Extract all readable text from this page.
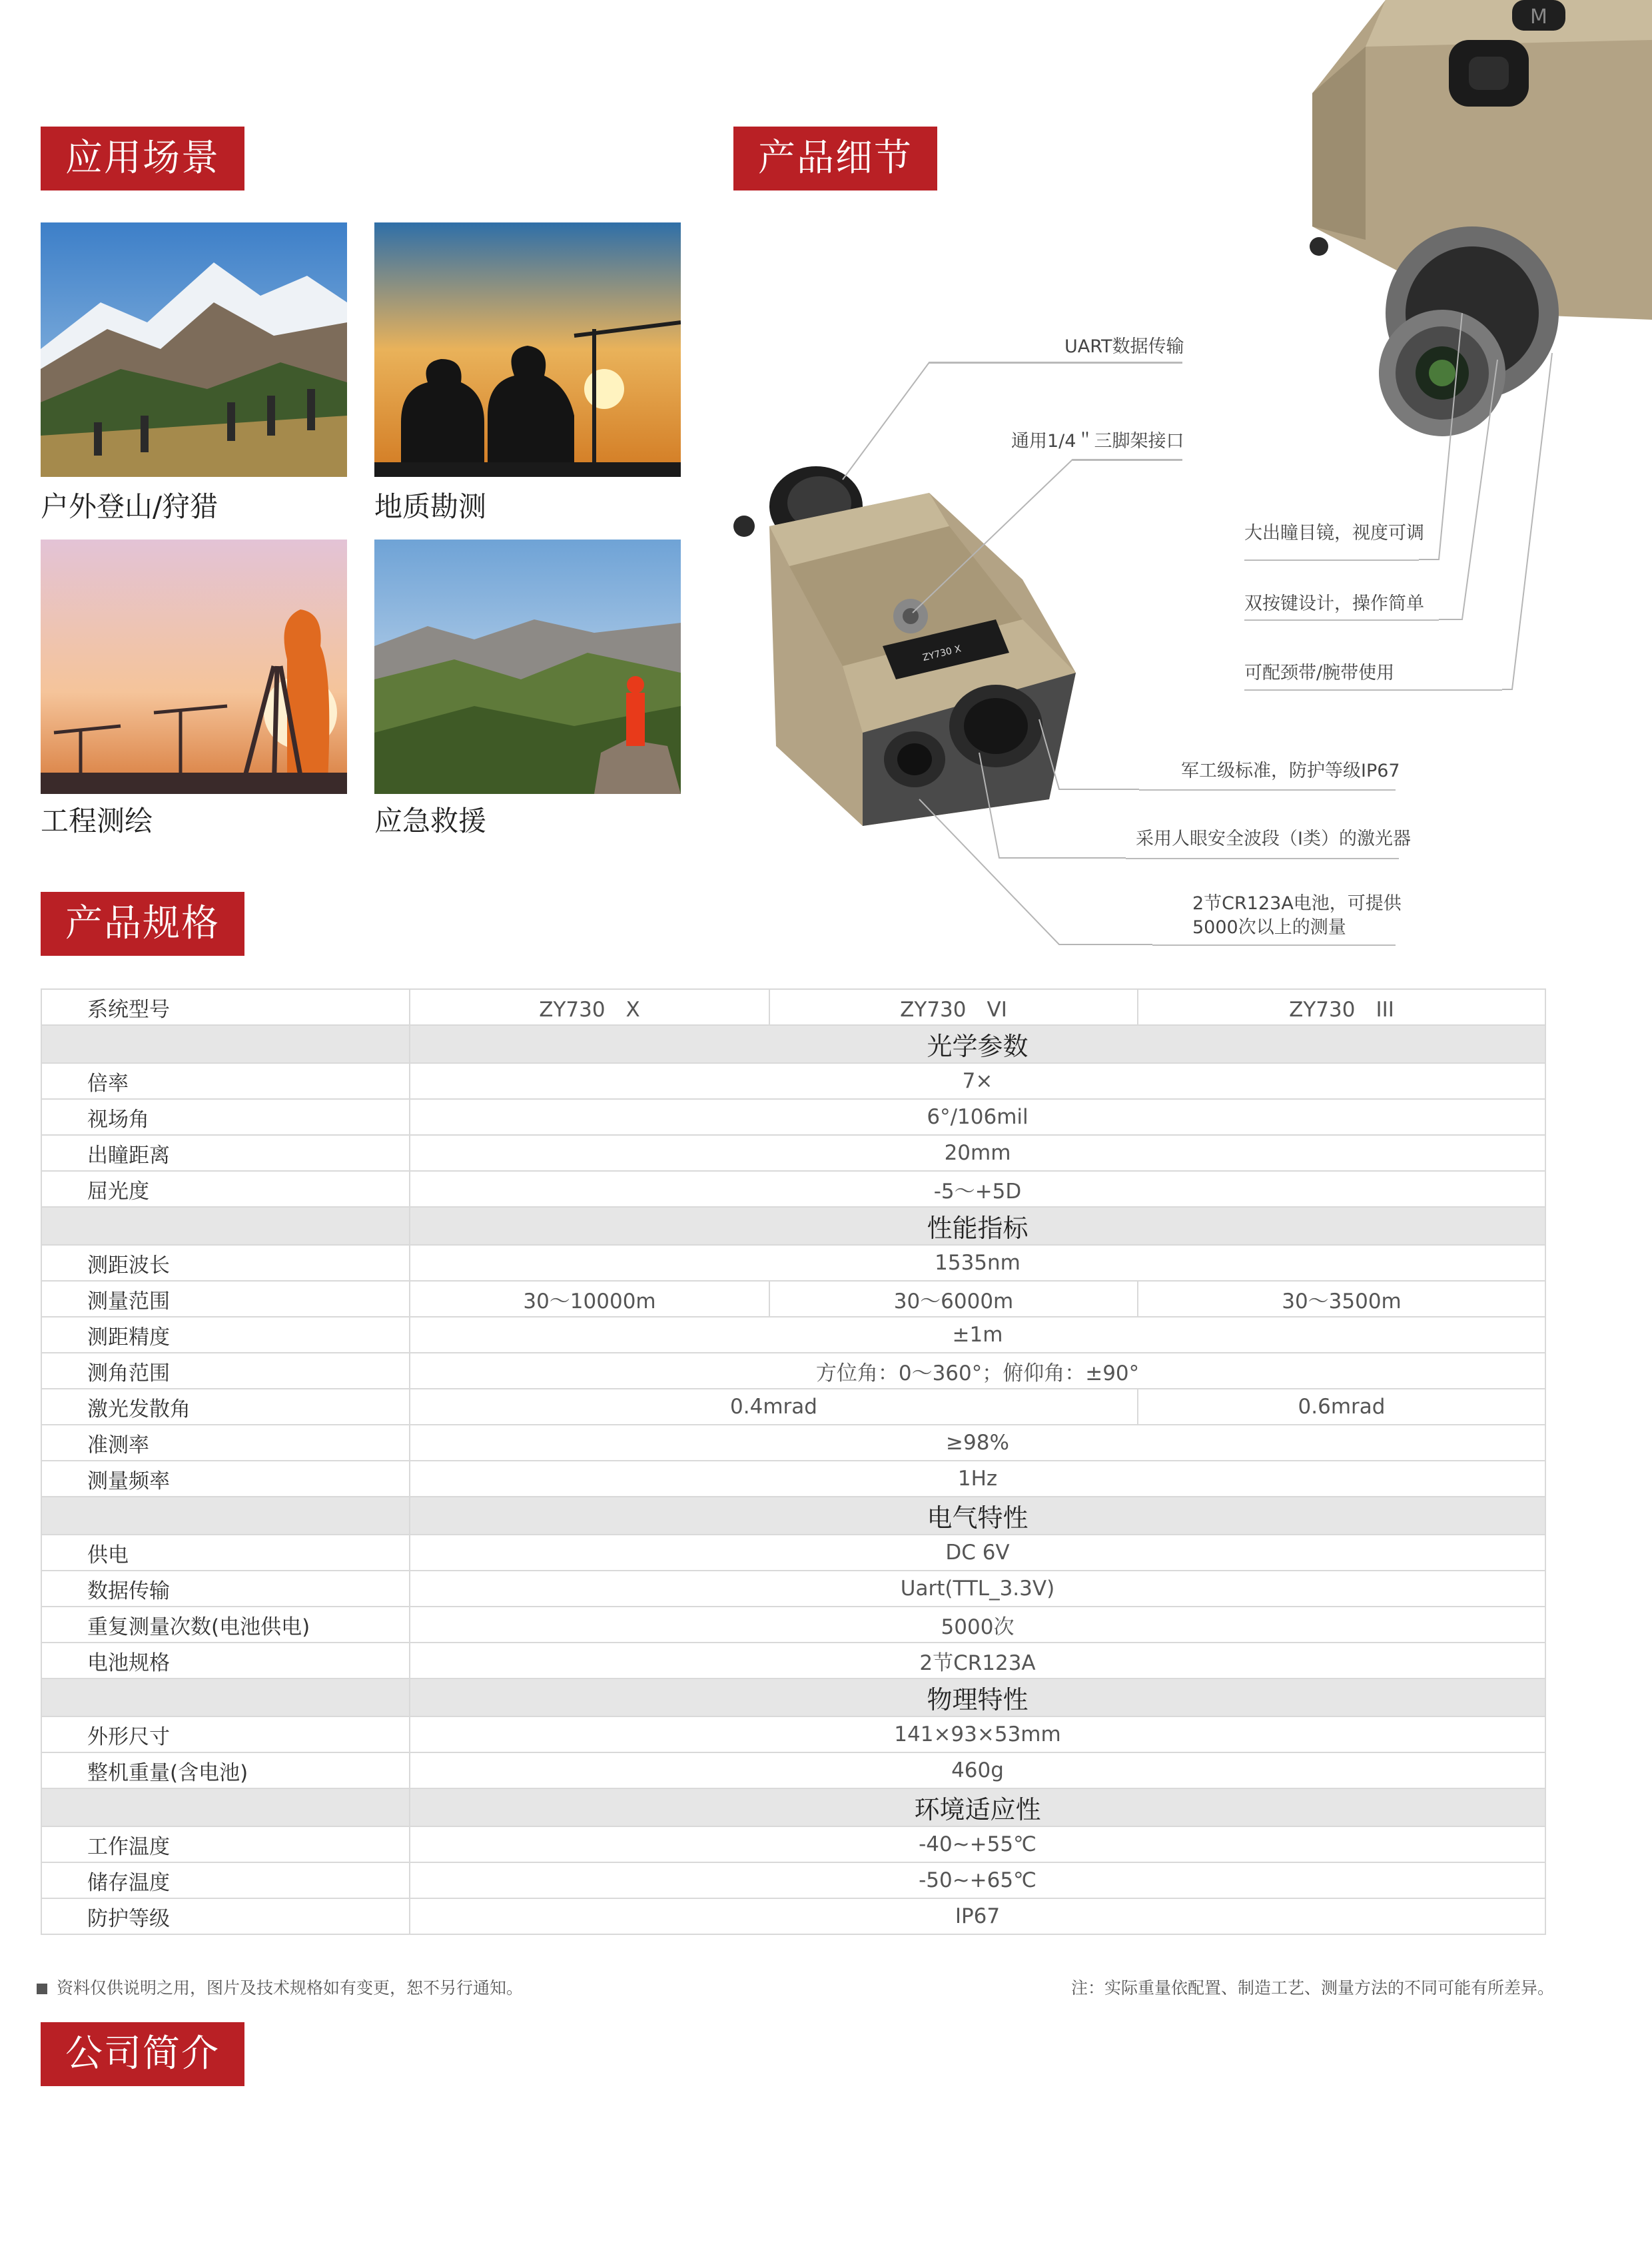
应用场景	产品细节
产品规格
公司简介
户外登山/狩猎	地质勘测
工程测绘	应急救援
M
ZY730 X
UART数据传输
通用1/4＂三脚架接口
大出瞳目镜，视度可调
双按键设计，操作简单
可配颈带/腕带使用
军工级标准，防护等级IP67
采用人眼安全波段（I类）的激光器
2节CR123A电池，可提供
5000次以上的测量
系统型号	ZY730　X	ZY730　VI	ZY730　III
	光学参数		
倍率	7×		
视场角	6°/106mil		
出瞳距离	20mm		
屈光度	-5～+5D		
	性能指标		
测距波长	1535nm		
测量范围	30～10000m	30～6000m	30～3500m
测距精度	±1m		
测角范围	方位角：0～360°；俯仰角：±90°		
激光发散角	0.4mrad		0.6mrad
准测率	≥98%		
测量频率	1Hz		
	电气特性		
供电	DC 6V		
数据传输	Uart(TTL_3.3V)		
重复测量次数(电池供电)	5000次		
电池规格	2节CR123A		
	物理特性		
外形尺寸	141×93×53mm		
整机重量(含电池)	460g		
	环境适应性		
工作温度	-40~+55℃		
储存温度	-50~+65℃		
防护等级	IP67		
资料仅供说明之用，图片及技术规格如有变更，恕不另行通知。	注：实际重量依配置、制造工艺、测量方法的不同可能有所差异。
